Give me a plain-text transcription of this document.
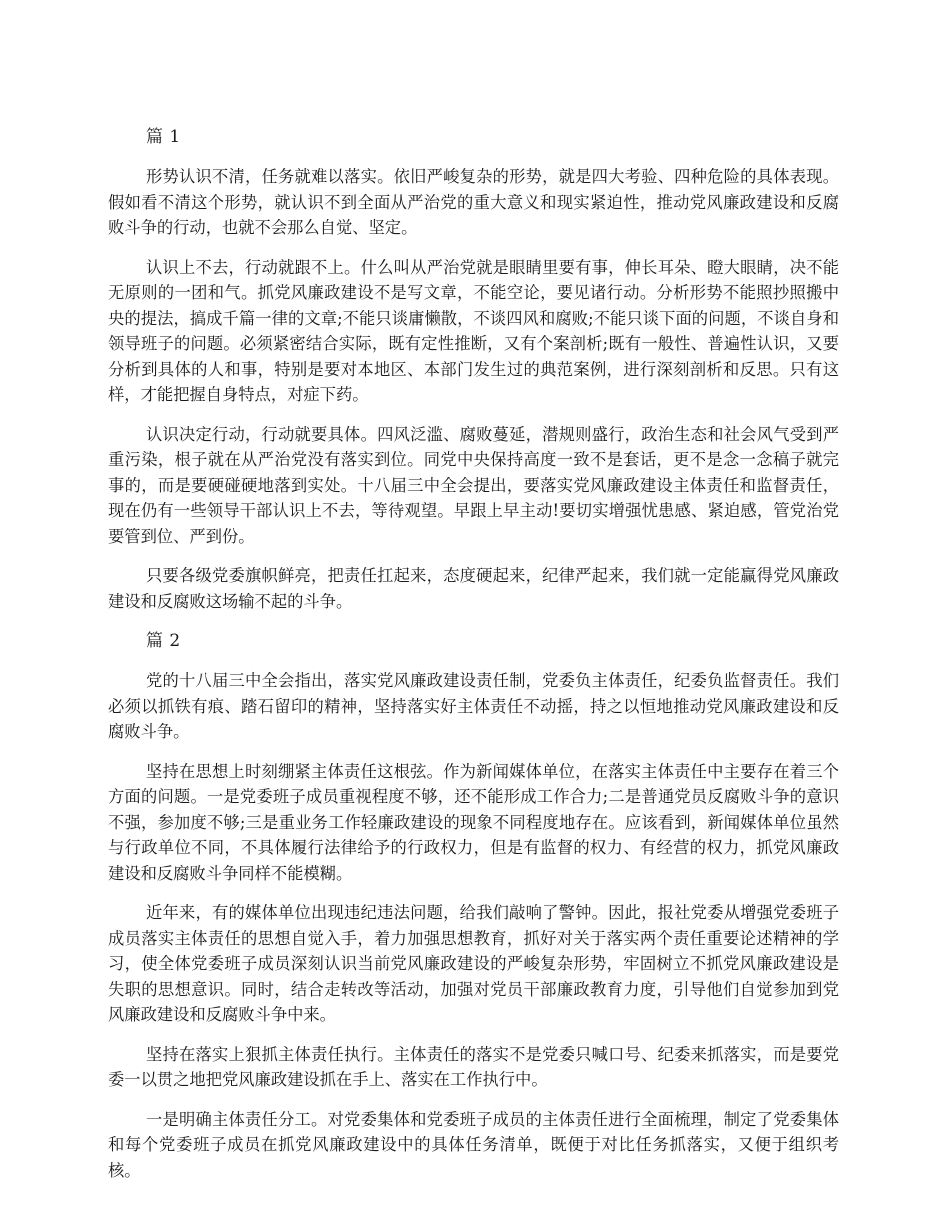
篇 1

形势认识不清，任务就难以落实。依旧严峻复杂的形势，就是四大考验、四种危险的具体表现。假如看不清这个形势，就认识不到全面从严治党的重大意义和现实紧迫性，推动党风廉政建设和反腐败斗争的行动，也就不会那么自觉、坚定。

认识上不去，行动就跟不上。什么叫从严治党就是眼睛里要有事，伸长耳朵、瞪大眼睛，决不能无原则的一团和气。抓党风廉政建设不是写文章，不能空论，要见诸行动。分析形势不能照抄照搬中央的提法，搞成千篇一律的文章;不能只谈庸懒散，不谈四风和腐败;不能只谈下面的问题，不谈自身和领导班子的问题。必须紧密结合实际，既有定性推断，又有个案剖析;既有一般性、普遍性认识，又要分析到具体的人和事，特别是要对本地区、本部门发生过的典范案例，进行深刻剖析和反思。只有这样，才能把握自身特点，对症下药。

认识决定行动，行动就要具体。四风泛滥、腐败蔓延，潜规则盛行，政治生态和社会风气受到严重污染，根子就在从严治党没有落实到位。同党中央保持高度一致不是套话，更不是念一念稿子就完事的，而是要硬碰硬地落到实处。十八届三中全会提出，要落实党风廉政建设主体责任和监督责任，现在仍有一些领导干部认识上不去，等待观望。早跟上早主动!要切实增强忧患感、紧迫感，管党治党要管到位、严到份。

只要各级党委旗帜鲜亮，把责任扛起来，态度硬起来，纪律严起来，我们就一定能赢得党风廉政建设和反腐败这场输不起的斗争。

篇 2

党的十八届三中全会指出，落实党风廉政建设责任制，党委负主体责任，纪委负监督责任。我们必须以抓铁有痕、踏石留印的精神，坚持落实好主体责任不动摇，持之以恒地推动党风廉政建设和反腐败斗争。

坚持在思想上时刻绷紧主体责任这根弦。作为新闻媒体单位，在落实主体责任中主要存在着三个方面的问题。一是党委班子成员重视程度不够，还不能形成工作合力;二是普通党员反腐败斗争的意识不强，参加度不够;三是重业务工作轻廉政建设的现象不同程度地存在。应该看到，新闻媒体单位虽然与行政单位不同，不具体履行法律给予的行政权力，但是有监督的权力、有经营的权力，抓党风廉政建设和反腐败斗争同样不能模糊。

近年来，有的媒体单位出现违纪违法问题，给我们敲响了警钟。因此，报社党委从增强党委班子成员落实主体责任的思想自觉入手，着力加强思想教育，抓好对关于落实两个责任重要论述精神的学习，使全体党委班子成员深刻认识当前党风廉政建设的严峻复杂形势，牢固树立不抓党风廉政建设是失职的思想意识。同时，结合走转改等活动，加强对党员干部廉政教育力度，引导他们自觉参加到党风廉政建设和反腐败斗争中来。

坚持在落实上狠抓主体责任执行。主体责任的落实不是党委只喊口号、纪委来抓落实，而是要党委一以贯之地把党风廉政建设抓在手上、落实在工作执行中。

一是明确主体责任分工。对党委集体和党委班子成员的主体责任进行全面梳理，制定了党委集体和每个党委班子成员在抓党风廉政建设中的具体任务清单，既便于对比任务抓落实，又便于组织考核。
